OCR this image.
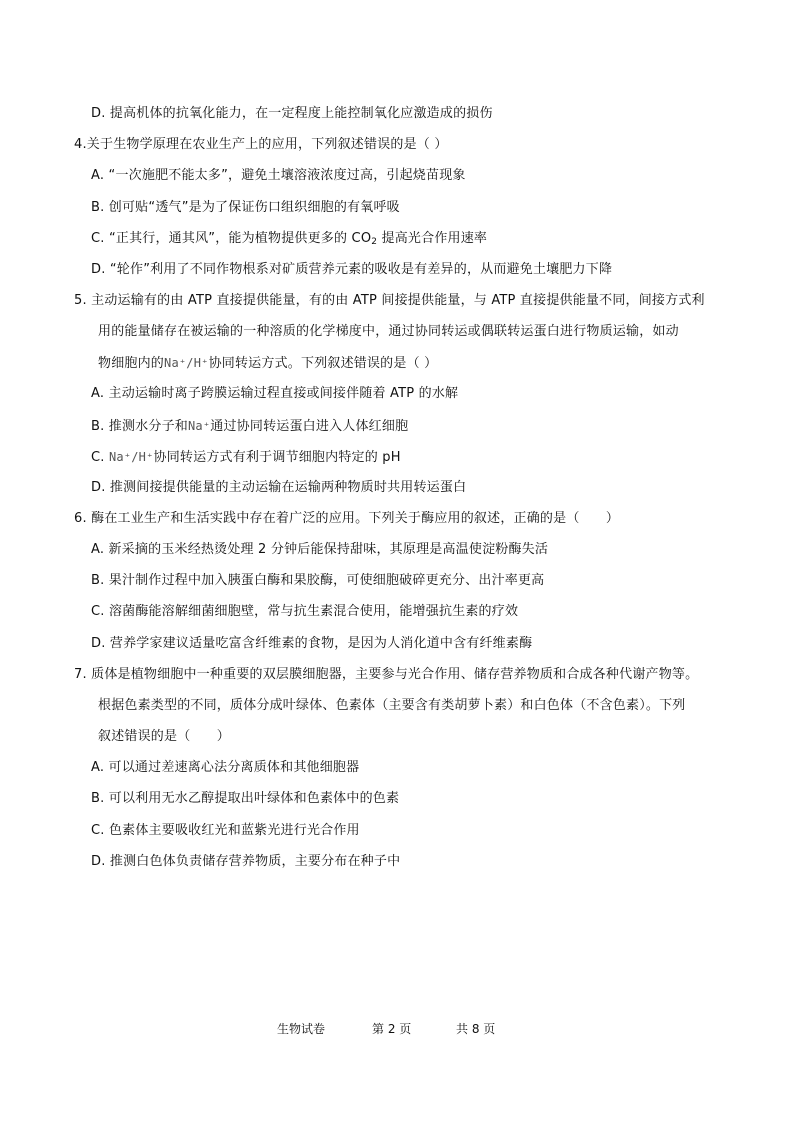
D. 提高机体的抗氧化能力，在一定程度上能控制氧化应激造成的损伤
4.关于生物学原理在农业生产上的应用，下列叙述错误的是（ ）
A. “一次施肥不能太多”，避免土壤溶液浓度过高，引起烧苗现象
B. 创可贴“透气”是为了保证伤口组织细胞的有氧呼吸
C. “正其行，通其风”，能为植物提供更多的 $CO_2$ 提高光合作用速率
D. “轮作”利用了不同作物根系对矿质营养元素的吸收是有差异的，从而避免土壤肥力下降
5. 主动运输有的由 ATP 直接提供能量，有的由 ATP 间接提供能量，与 ATP 直接提供能量不同，间接方式利
用的能量储存在被运输的一种溶质的化学梯度中，通过协同转运或偶联转运蛋白进行物质运输，如动
物细胞内的Na⁺/H⁺协同转运方式。下列叙述错误的是（ ）
A. 主动运输时离子跨膜运输过程直接或间接伴随着 ATP 的水解
B. 推测水分子和Na⁺通过协同转运蛋白进入人体红细胞
C. Na⁺/H⁺协同转运方式有利于调节细胞内特定的 pH
D. 推测间接提供能量的主动运输在运输两种物质时共用转运蛋白
6. 酶在工业生产和生活实践中存在着广泛的应用。下列关于酶应用的叙述，正确的是（　　）
A. 新采摘的玉米经热烫处理 2 分钟后能保持甜味，其原理是高温使淀粉酶失活
B. 果汁制作过程中加入胰蛋白酶和果胶酶，可使细胞破碎更充分、出汁率更高
C. 溶菌酶能溶解细菌细胞壁，常与抗生素混合使用，能增强抗生素的疗效
D. 营养学家建议适量吃富含纤维素的食物，是因为人消化道中含有纤维素酶
7. 质体是植物细胞中一种重要的双层膜细胞器，主要参与光合作用、储存营养物质和合成各种代谢产物等。
根据色素类型的不同，质体分成叶绿体、色素体（主要含有类胡萝卜素）和白色体（不含色素）。下列
叙述错误的是（　　）
A. 可以通过差速离心法分离质体和其他细胞器
B. 可以利用无水乙醇提取出叶绿体和色素体中的色素
C. 色素体主要吸收红光和蓝紫光进行光合作用
D. 推测白色体负责储存营养物质，主要分布在种子中
生物试卷	第 2 页	共 8 页
